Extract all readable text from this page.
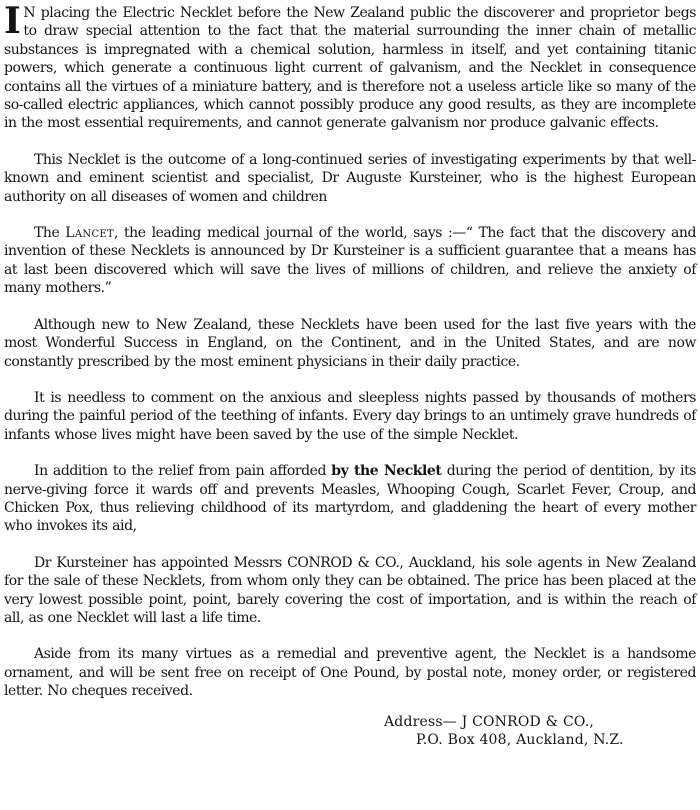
I N placing the Electric Necklet before the New Zealand public the discoverer and proprietor begs to draw special attention to the fact that the material surrounding the inner chain of metallic substances is impregnated with a chemical solution, harmless in itself, and yet containing titanic powers, which generate a continuous light current of galvanism, and the Necklet in consequence contains all the virtues of a miniature battery, and is therefore not a useless article like so many of the so-called electric appliances, which cannot possibly produce any good results, as they are incomplete in the most essential requirements, and cannot generate galvanism nor produce galvanic effects.

This Necklet is the outcome of a long-continued series of investigating experiments by that well-known and eminent scientist and specialist, Dr Auguste Kursteiner, who is the highest European authority on all diseases of women and children

The Lancet, the leading medical journal of the world, says :—“ The fact that the discovery and invention of these Necklets is announced by Dr Kursteiner is a sufficient guarantee that a means has at last been discovered which will save the lives of millions of children, and relieve the anxiety of many mothers.”

Although new to New Zealand, these Necklets have been used for the last five years with the most Wonderful Success in England, on the Continent, and in the United States, and are now constantly prescribed by the most eminent physicians in their daily practice.

It is needless to comment on the anxious and sleepless nights passed by thousands of mothers during the painful period of the teething of infants. Every day brings to an untimely grave hundreds of infants whose lives might have been saved by the use of the simple Necklet.

In addition to the relief from pain afforded by the Necklet during the period of dentition, by its nerve-giving force it wards off and prevents Measles, Whooping Cough, Scarlet Fever, Croup, and Chicken Pox, thus relieving childhood of its martyrdom, and gladdening the heart of every mother who invokes its aid,

Dr Kursteiner has appointed Messrs CONROD & CO., Auckland, his sole agents in New Zealand for the sale of these Necklets, from whom only they can be obtained. The price has been placed at the very lowest possible point, point, barely covering the cost of importation, and is within the reach of all, as one Necklet will last a life time.

Aside from its many virtues as a remedial and preventive agent, the Necklet is a handsome ornament, and will be sent free on receipt of One Pound, by postal note, money order, or registered letter. No cheques received.

Address— J CONROD & CO.,
P.O. Box 408, Auckland, N.Z.
